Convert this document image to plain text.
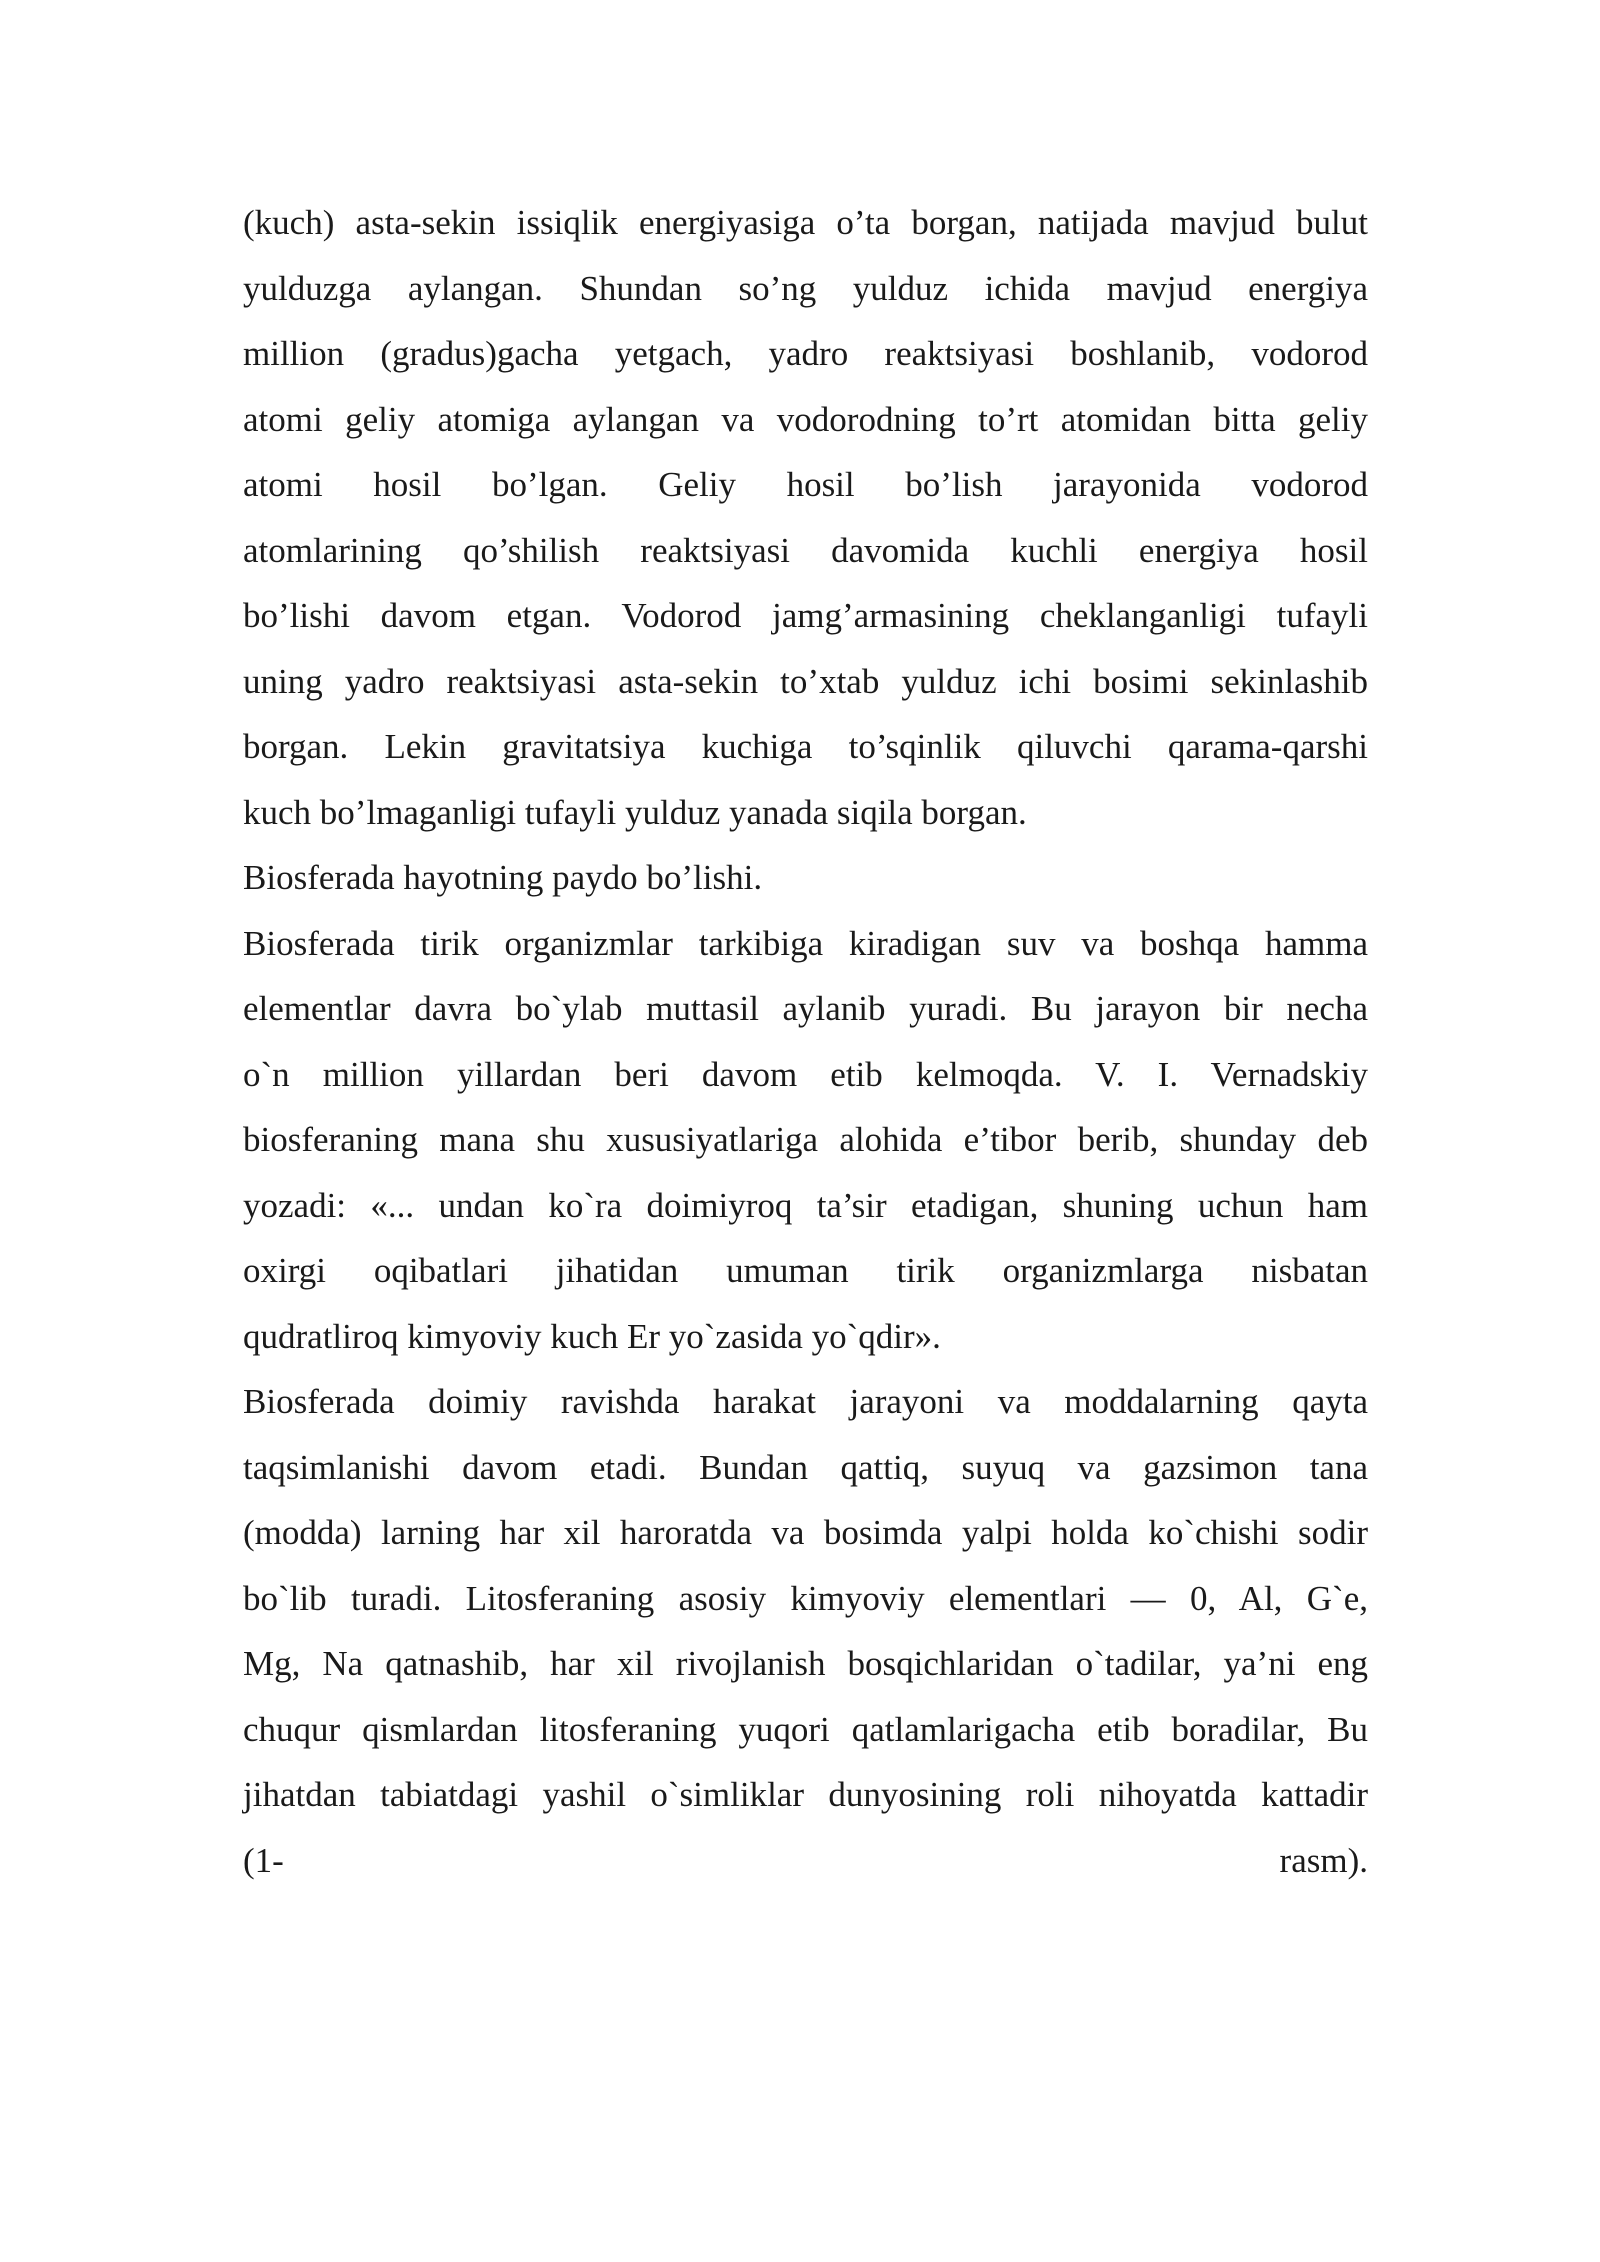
(kuch) asta-sekin issiqlik energiyasiga o’ta borgan, natijada mavjud bulut
yulduzga aylangan. Shundan so’ng yulduz ichida mavjud energiya
million (gradus)gacha yetgach, yadro reaktsiyasi boshlanib, vodorod
atomi geliy atomiga aylangan va vodorodning to’rt atomidan bitta geliy
atomi hosil bo’lgan. Geliy hosil bo’lish jarayonida vodorod
atomlarining qo’shilish reaktsiyasi davomida kuchli energiya hosil
bo’lishi davom etgan. Vodorod jamg’armasining cheklanganligi tufayli
uning yadro reaktsiyasi asta-sekin to’xtab yulduz ichi bosimi sekinlashib
borgan. Lekin gravitatsiya kuchiga to’sqinlik qiluvchi qarama-qarshi
kuch bo’lmaganligi tufayli yulduz yanada siqila borgan.
Biosferada hayotning paydo bo’lishi.
Biosferada tirik organizmlar tarkibiga kiradigan suv va boshqa hamma
elementlar davra bo`ylab muttasil aylanib yuradi. Bu jarayon bir necha
o`n million yillardan beri davom etib kelmoqda. V. I. Vernadskiy
biosferaning mana shu xususiyatlariga alohida e’tibor berib, shunday deb
yozadi: «... undan ko`ra doimiyroq ta’sir etadigan, shuning uchun ham
oxirgi oqibatlari jihatidan umuman tirik organizmlarga nisbatan
qudratliroq kimyoviy kuch Er yo`zasida yo`qdir».
Biosferada doimiy ravishda harakat jarayoni va moddalarning qayta
taqsimlanishi davom etadi. Bundan qattiq, suyuq va gazsimon tana
(modda) larning har xil haroratda va bosimda yalpi holda ko`chishi sodir
bo`lib turadi. Litosferaning asosiy kimyoviy elementlari — 0, Al, G`e,
Mg, Na qatnashib, har xil rivojlanish bosqichlaridan o`tadilar, ya’ni eng
chuqur qismlardan litosferaning yuqori qatlamlarigacha etib boradilar, Bu
jihatdan tabiatdagi yashil o`simliklar dunyosining roli nihoyatda kattadir
(1- rasm).
